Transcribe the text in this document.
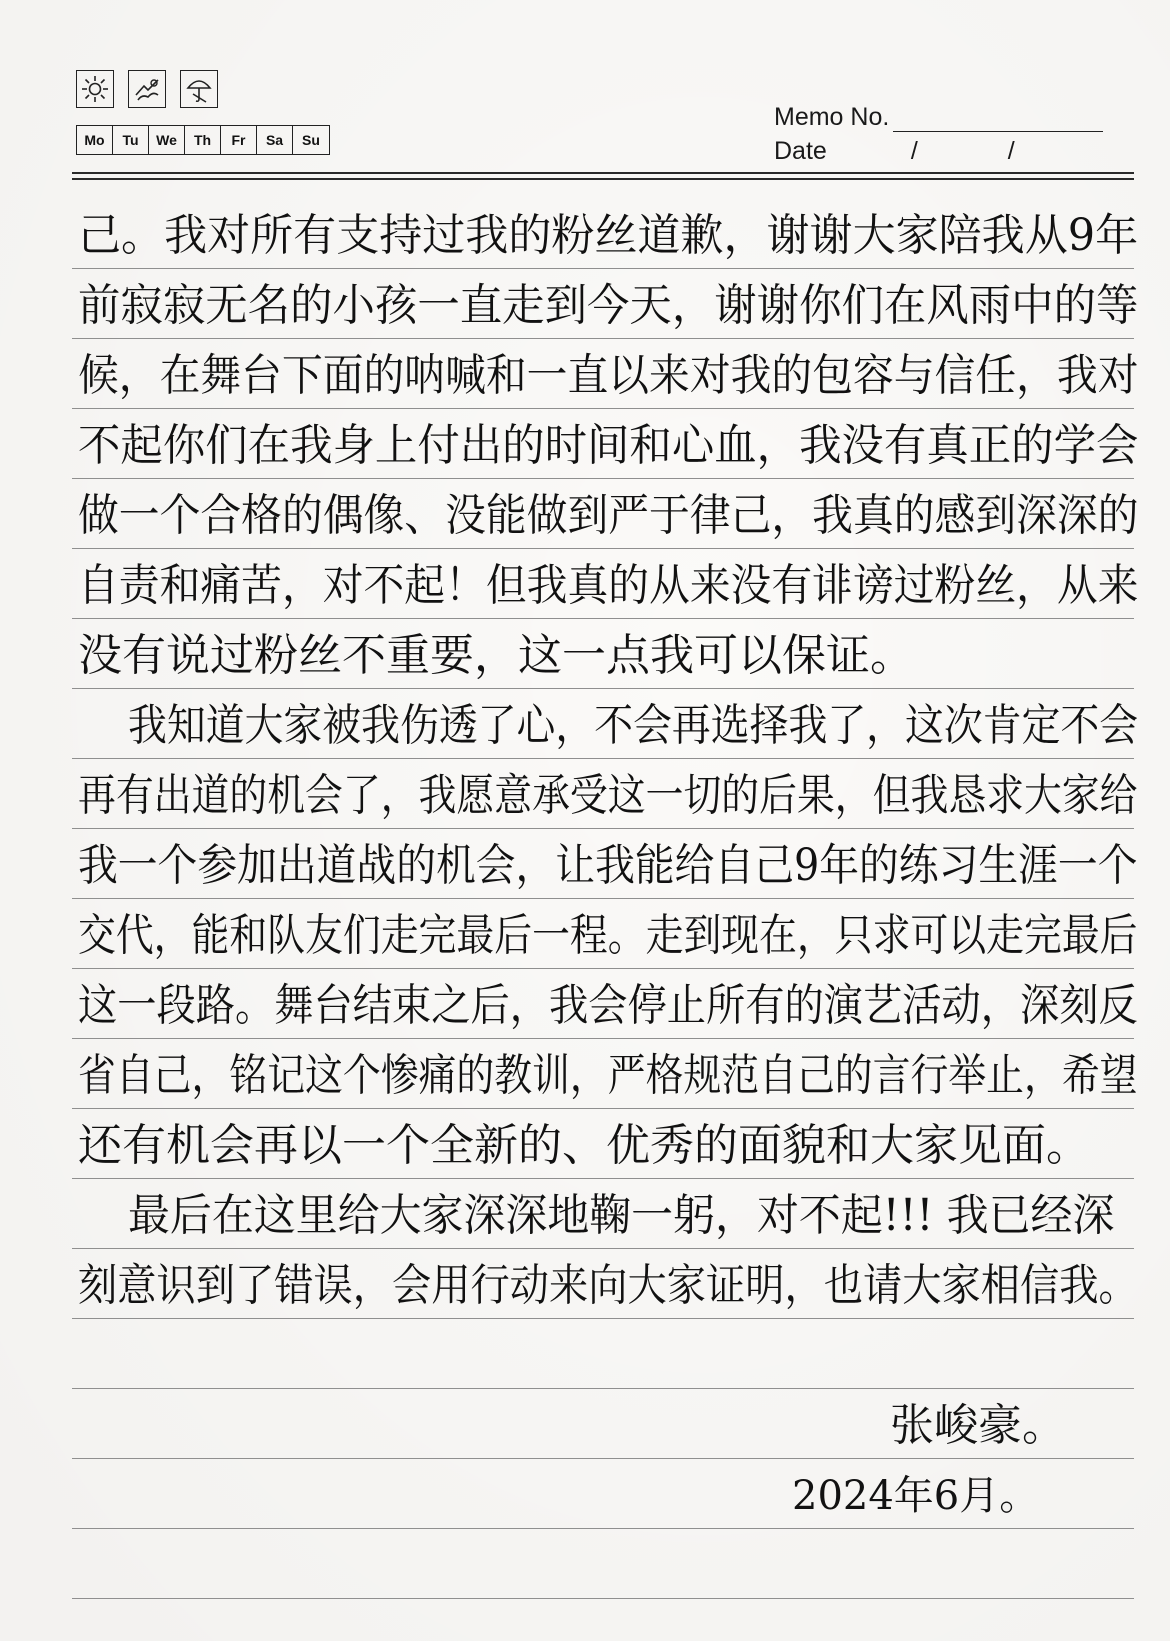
Mo	Tu	We	Th	Fr	Sa	Su
Memo No.
Date	/	/
己。我对所有支持过我的粉丝道歉，谢谢大家陪我从9年
前寂寂无名的小孩一直走到今天，谢谢你们在风雨中的等
候，在舞台下面的呐喊和一直以来对我的包容与信任，我对
不起你们在我身上付出的时间和心血，我没有真正的学会
做一个合格的偶像、没能做到严于律己，我真的感到深深的
自责和痛苦，对不起！但我真的从来没有诽谤过粉丝，从来
没有说过粉丝不重要，这一点我可以保证。
我知道大家被我伤透了心，不会再选择我了，这次肯定不会
再有出道的机会了，我愿意承受这一切的后果，但我恳求大家给
我一个参加出道战的机会，让我能给自己9年的练习生涯一个
交代，能和队友们走完最后一程。走到现在，只求可以走完最后
这一段路。舞台结束之后，我会停止所有的演艺活动，深刻反
省自己，铭记这个惨痛的教训，严格规范自己的言行举止，希望
还有机会再以一个全新的、优秀的面貌和大家见面。
最后在这里给大家深深地鞠一躬，对不起!!! 我已经深
刻意识到了错误，会用行动来向大家证明，也请大家相信我。
张峻豪。
2024年6月。
